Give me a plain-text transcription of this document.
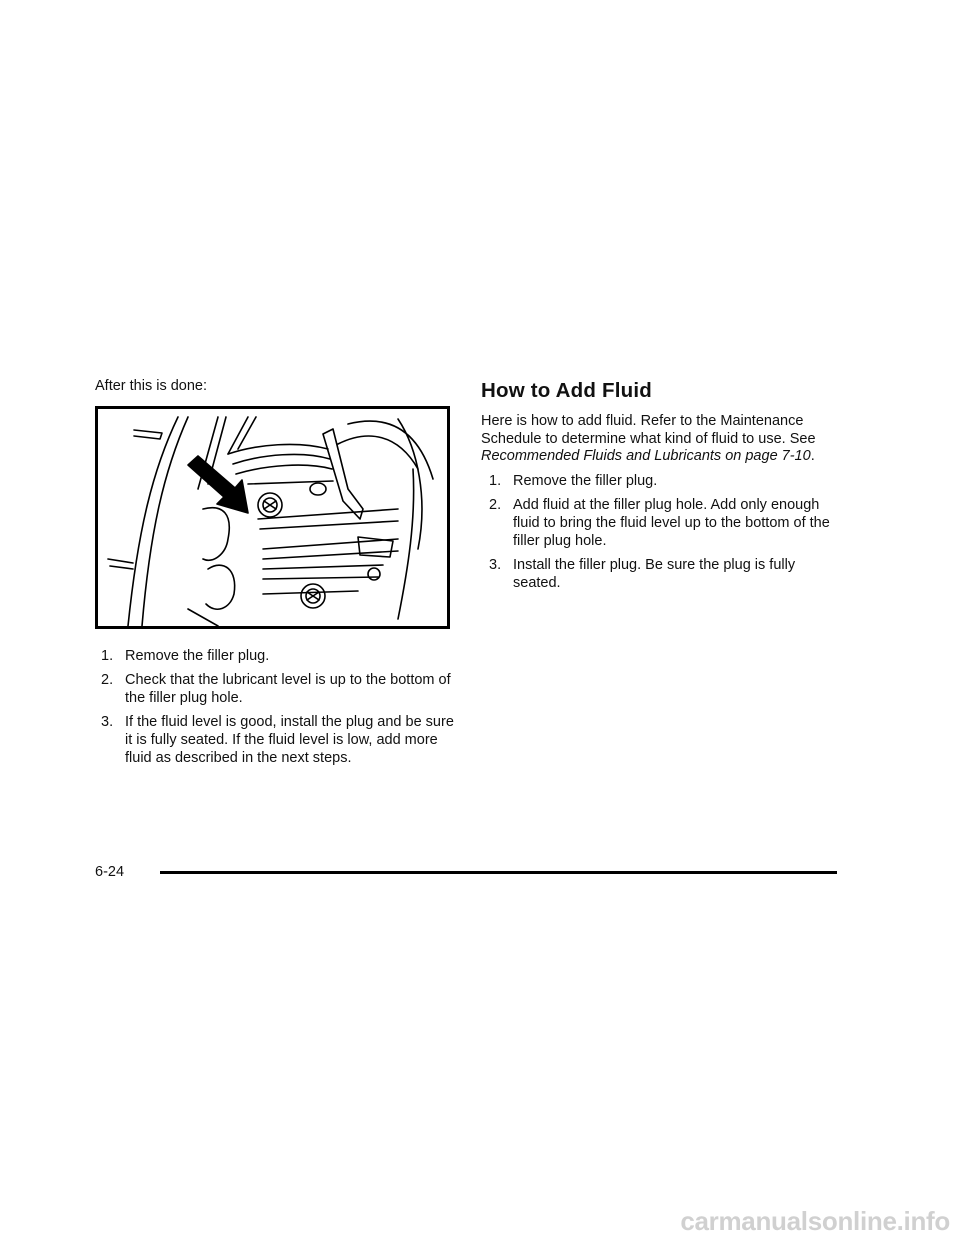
After this is done:

1. Remove the filler plug.
2. Check that the lubricant level is up to the bottom of the filler plug hole.
3. If the fluid level is good, install the plug and be sure it is fully seated. If the fluid level is low, add more fluid as described in the next steps.
How to Add Fluid

Here is how to add fluid. Refer to the Maintenance Schedule to determine what kind of fluid to use. See Recommended Fluids and Lubricants on page 7-10.

1. Remove the filler plug.
2. Add fluid at the filler plug hole. Add only enough fluid to bring the fluid level up to the bottom of the filler plug hole.
3. Install the filler plug. Be sure the plug is fully seated.
6-24
carmanualsonline.info
